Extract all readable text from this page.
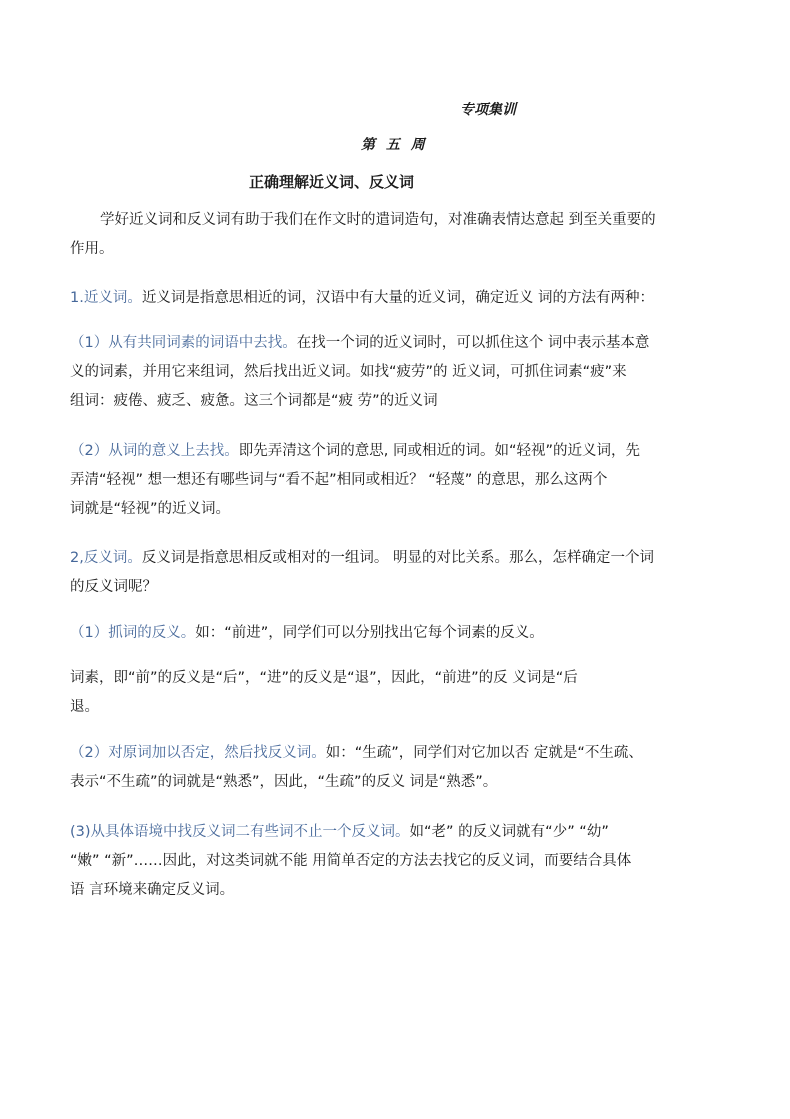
专项集训
第 五 周
正确理解近义词、反义词
学好近义词和反义词有助于我们在作文时的遣词造句，对准确表情达意起 到至关重要的
作用。
1.近义词。近义词是指意思相近的词，汉语中有大量的近义词，确定近义 词的方法有两种：
（1）从有共同词素的词语中去找。在找一个词的近义词时，可以抓住这个 词中表示基本意
义的词素，并用它来组词，然后找出近义词。如找“疲劳”的 近义词，可抓住词素“疲”来
组词：疲倦、疲乏、疲惫。这三个词都是“疲 劳”的近义词
（2）从词的意义上去找。即先弄清这个词的意思, 同或相近的词。如“轻视”的近义词，先
弄清“轻视” 想一想还有哪些词与“看不起”相同或相近？ “轻蔑” 的意思，那么这两个
词就是“轻视”的近义词。
2,反义词。反义词是指意思相反或相对的一组词。 明显的对比关系。那么，怎样确定一个词
的反义词呢？
（1）抓词的反义。如：“前进”，同学们可以分别找出它每个词素的反义。
词素，即“前”的反义是“后”，“进”的反义是“退”，因此，“前进”的反 义词是“后
退。
（2）对原词加以否定，然后找反义词。如：“生疏”，同学们对它加以否 定就是“不生疏、
表示“不生疏”的词就是“熟悉”，因此，“生疏”的反义 词是“熟悉”。
(3)从具体语境中找反义词二有些词不止一个反义词。如“老” 的反义词就有“少” “幼”
“嫩” “新”……因此，对这类词就不能 用简单否定的方法去找它的反义词，而要结合具体
语 言环境来确定反义词。
